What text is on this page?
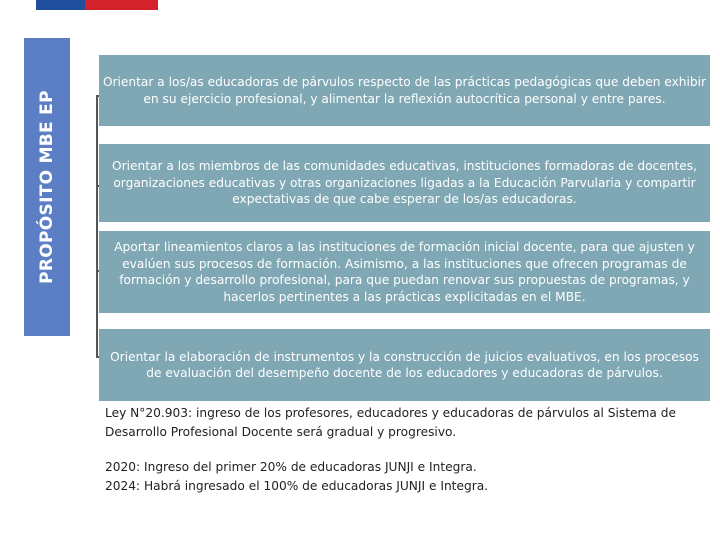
PROPÓSITO MBE EP
Orientar a los/as educadoras de párvulos respecto de las prácticas pedagógicas que deben exhibir en su ejercicio profesional, y alimentar la reflexión autocrítica personal y entre pares.
Orientar a los miembros de las comunidades educativas, instituciones formadoras de docentes, organizaciones educativas y otras organizaciones ligadas a la Educación Parvularia y compartir expectativas de que cabe esperar de los/as educadoras.
Aportar lineamientos claros a las instituciones de formación inicial docente, para que ajusten y evalúen sus procesos de formación. Asimismo, a las instituciones que ofrecen programas de formación y desarrollo profesional, para que puedan renovar sus propuestas de programas, y hacerlos pertinentes a las prácticas explicitadas en el MBE.
Orientar la elaboración de instrumentos y la construcción de juicios evaluativos, en los procesos de evaluación del desempeño docente de los educadores y educadoras de párvulos.

Ley N°20.903: ingreso de los profesores, educadores y educadoras de párvulos al Sistema de Desarrollo Profesional Docente será gradual y progresivo.

2020: Ingreso del primer 20% de educadoras JUNJI e Integra.

2024: Habrá ingresado el 100% de educadoras JUNJI e Integra.
